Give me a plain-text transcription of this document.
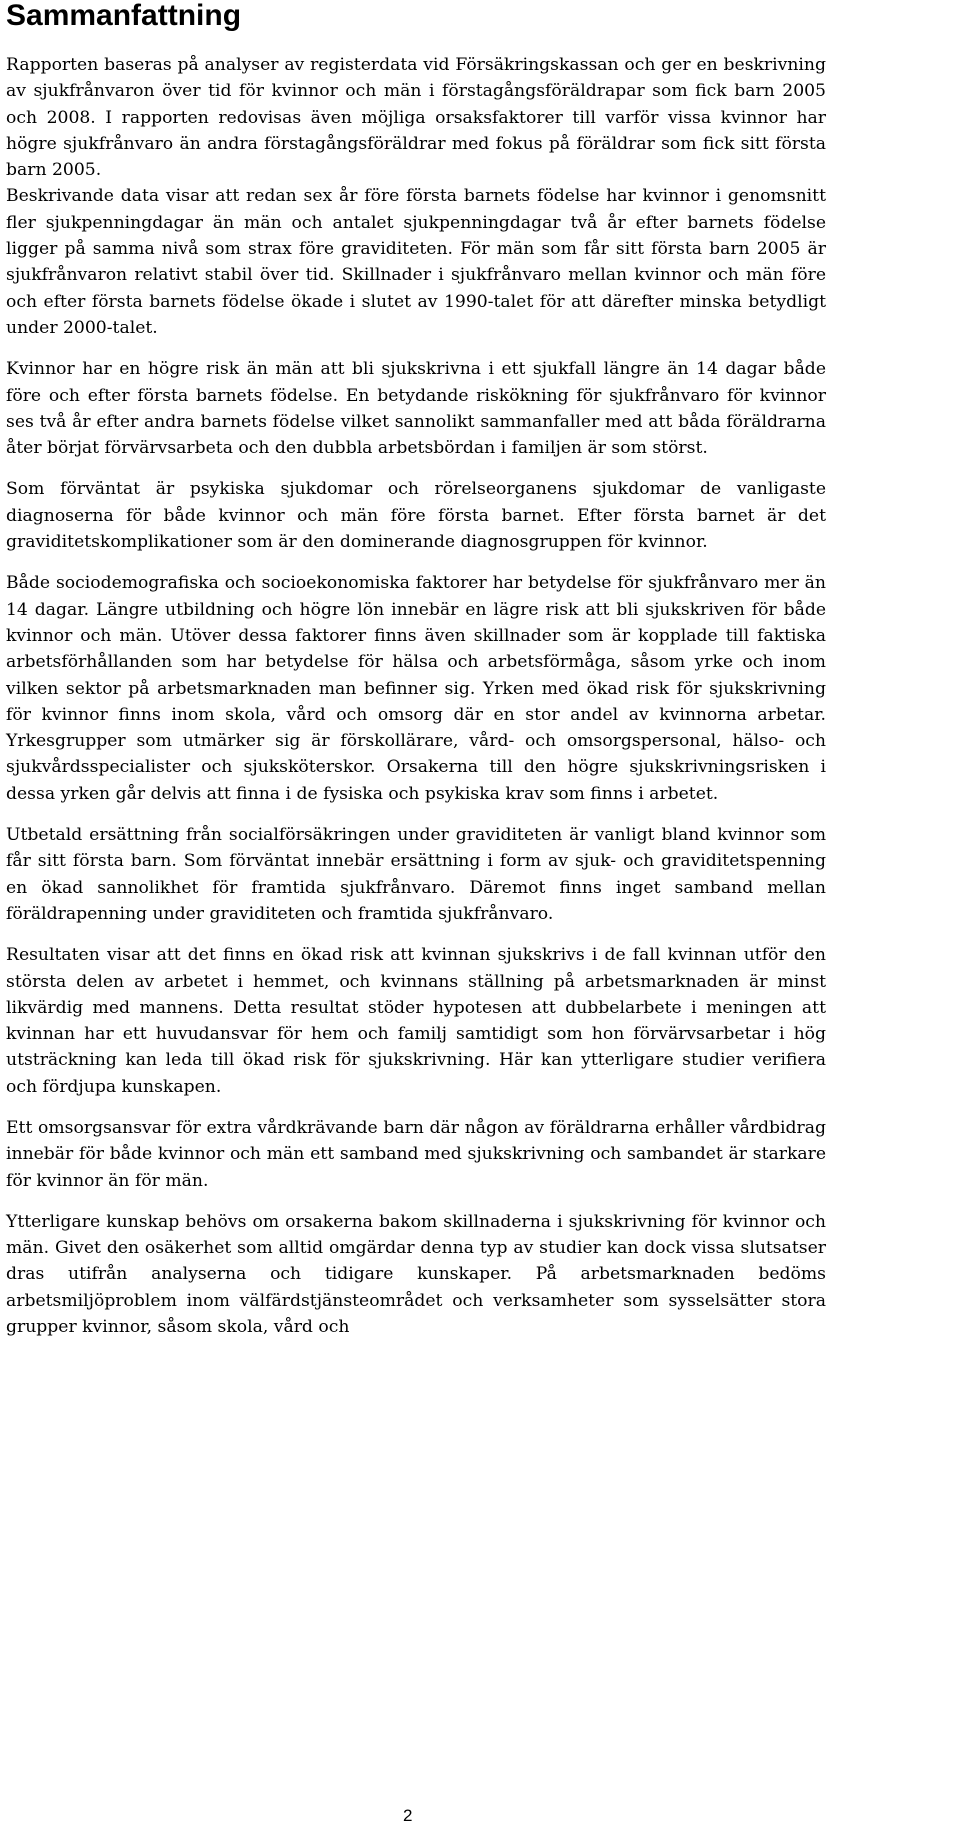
Sammanfattning

Rapporten baseras på analyser av registerdata vid Försäkringskassan och ger en beskrivning av sjukfrånvaron över tid för kvinnor och män i förstagångsföräldrapar som fick barn 2005 och 2008. I rapporten redovisas även möjliga orsaksfaktorer till varför vissa kvinnor har högre sjukfrånvaro än andra förstagångsföräldrar med fokus på föräldrar som fick sitt första barn 2005.

Beskrivande data visar att redan sex år före första barnets födelse har kvinnor i genomsnitt fler sjukpenningdagar än män och antalet sjukpenningdagar två år efter barnets födelse ligger på samma nivå som strax före graviditeten. För män som får sitt första barn 2005 är sjukfrånvaron relativt stabil över tid. Skillnader i sjukfrånvaro mellan kvinnor och män före och efter första barnets födelse ökade i slutet av 1990-talet för att därefter minska betydligt under 2000-talet.

Kvinnor har en högre risk än män att bli sjukskrivna i ett sjukfall längre än 14 dagar både före och efter första barnets födelse. En betydande riskökning för sjukfrånvaro för kvinnor ses två år efter andra barnets födelse vilket sannolikt sammanfaller med att båda föräldrarna åter börjat förvärvsarbeta och den dubbla arbetsbördan i familjen är som störst.

Som förväntat är psykiska sjukdomar och rörelseorganens sjukdomar de vanligaste diagnoserna för både kvinnor och män före första barnet. Efter första barnet är det graviditetskomplikationer som är den dominerande diagnosgruppen för kvinnor.

Både sociodemografiska och socioekonomiska faktorer har betydelse för sjukfrånvaro mer än 14 dagar. Längre utbildning och högre lön innebär en lägre risk att bli sjukskriven för både kvinnor och män. Utöver dessa faktorer finns även skillnader som är kopplade till faktiska arbetsförhållanden som har betydelse för hälsa och arbetsförmåga, såsom yrke och inom vilken sektor på arbetsmarknaden man befinner sig. Yrken med ökad risk för sjukskrivning för kvinnor finns inom skola, vård och omsorg där en stor andel av kvinnorna arbetar. Yrkesgrupper som utmärker sig är förskollärare, vård- och omsorgspersonal, hälso- och sjukvårdsspecialister och sjuksköterskor. Orsakerna till den högre sjukskrivningsrisken i dessa yrken går delvis att finna i de fysiska och psykiska krav som finns i arbetet.

Utbetald ersättning från socialförsäkringen under graviditeten är vanligt bland kvinnor som får sitt första barn. Som förväntat innebär ersättning i form av sjuk- och graviditetspenning en ökad sannolikhet för framtida sjukfrånvaro. Däremot finns inget samband mellan föräldrapenning under graviditeten och framtida sjukfrånvaro.

Resultaten visar att det finns en ökad risk att kvinnan sjukskrivs i de fall kvinnan utför den största delen av arbetet i hemmet, och kvinnans ställning på arbetsmarknaden är minst likvärdig med mannens. Detta resultat stöder hypotesen att dubbelarbete i meningen att kvinnan har ett huvudansvar för hem och familj samtidigt som hon förvärvsarbetar i hög utsträckning kan leda till ökad risk för sjukskrivning. Här kan ytterligare studier verifiera och fördjupa kunskapen.

Ett omsorgsansvar för extra vårdkrävande barn där någon av föräldrarna erhåller vårdbidrag innebär för både kvinnor och män ett samband med sjukskrivning och sambandet är starkare för kvinnor än för män.

Ytterligare kunskap behövs om orsakerna bakom skillnaderna i sjukskrivning för kvinnor och män. Givet den osäkerhet som alltid omgärdar denna typ av studier kan dock vissa slutsatser dras utifrån analyserna och tidigare kunskaper. På arbetsmarknaden bedöms arbetsmiljöproblem inom välfärdstjänsteområdet och verksamheter som sysselsätter stora grupper kvinnor, såsom skola, vård och

2
